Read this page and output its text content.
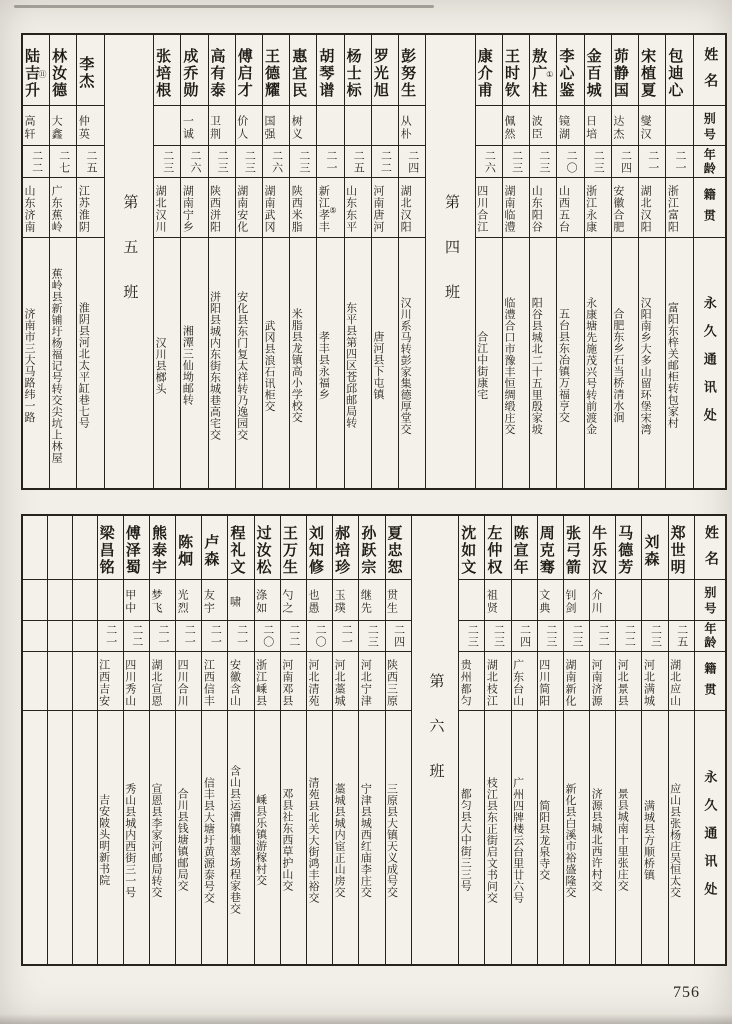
姓名
别号
年龄
籍贯
永久通讯处
包迪心
二一
浙江富阳
富阳东梓关邮柜转包家村
宋植夏
燮汉
二一
湖北汉阳
汉阳南乡大多山留环堡宋湾
茆静国
达杰
二四
安徽合肥
合肥东乡石当桥清水涧
金百城
日培
二三
浙江永康
永康塘先施茂兴号转前渡金
李心鉴
镜湖
二〇
山西五台
五台县东冶镇万福亨交
敖广柱 ①
波臣
二三
山东阳谷
阳谷县城北二十五里殷家坡
王时钦
佩然
二三
湖南临澧
临澧合口市豫丰恒绸缎庄交
康介甫
二六
四川合江
合江中街康宅
第四班
彭努生
从朴
二四
湖北汉阳
汉川系马转彭家集德厚堂交
罗光旭
二二
河南唐河
唐河县下屯镇
杨士标
二五
山东东平
东平县第四区苍邱邮局转
胡琴谱
二一
新江孝丰 ⑤
孝丰县永福乡
惠宜民
树义
二三
陕西米脂
米脂县龙镇高小学校交
王德耀
国强
二六
湖南武冈
武冈县浪石讯柜交
傅启才
价人
二三
湖南安化
安化县东门复太祥转乃逸园交
高有泰
卫荆
二三
陕西洴阳
洴阳县城内东街东城巷高宅交
成乔勋
一诚
二六
湖南宁乡
湘潭三仙坳邮转
张培根
二三
湖北汉川
汉川县榔头
第五班
李杰
仲英
二五
江苏淮阴
淮阴县河北太平缸巷七号
林汝德
大鑫
二七
广东蕉岭
蕉岭县新铺圩杨福记号转交尖坑上林屋
陆吉升 ⑪
高轩
二二
山东济南
济南市三大马路纬一路
姓名
别号
年龄
籍贯
永久通讯处
郑世明
二五
湖北应山
应山县张杨庄吴恒太交
刘森
二三
河北满城
满城县方顺桥镇
马德芳
二二
河北景县
景县城南十里张庄交
牛乐汉
介川
二二
河南济源
济源县城北西许村交
张弓箭
钊剑
二三
湖南新化
新化县白溪市裕盛隆交
周克骞
文典
二三
四川简阳
简阳县龙泉寺交
陈宣年
二四
广东台山
广州四牌楼云台里廿六号
左仲权
祖贤
二三
湖北枝江
枝江县东正街启文书问交
沈如文
二三
贵州都匀
都匀县大中街三三号
第六班
夏忠恕
贯生
二四
陕西三原
三原县大镇天义成号交
孙跃宗
继先
二三
河北宁津
宁津县城西红庙李庄交
郝培珍
玉璞
二一
河北藁城
藁城县城内宦正山房交
刘知修
也愚
二〇
河北清苑
清苑县北关大街鸿丰裕交
王万生
勺之
二二
河南邓县
邓县社东西草护山交
过汝松
涤如
二〇
浙江嵊县
嵊县乐镇游稼村交
程礼文
啸
二一
安徽含山
含山县运漕镇恤翠场程家巷交
卢森
友宇
二一
江西信丰
信丰县大塘圩黄源泰号交
陈炯
光烈
二一
四川合川
合川县钱塘镇邮局交
熊泰宇
梦飞
二一
湖北宣恩
宣恩县李家河邮局转交
傅泽蜀
甲中
二二
四川秀山
秀山县城内西街三一号
梁昌铭
二一
江西吉安
吉安陂头明新书院
756
